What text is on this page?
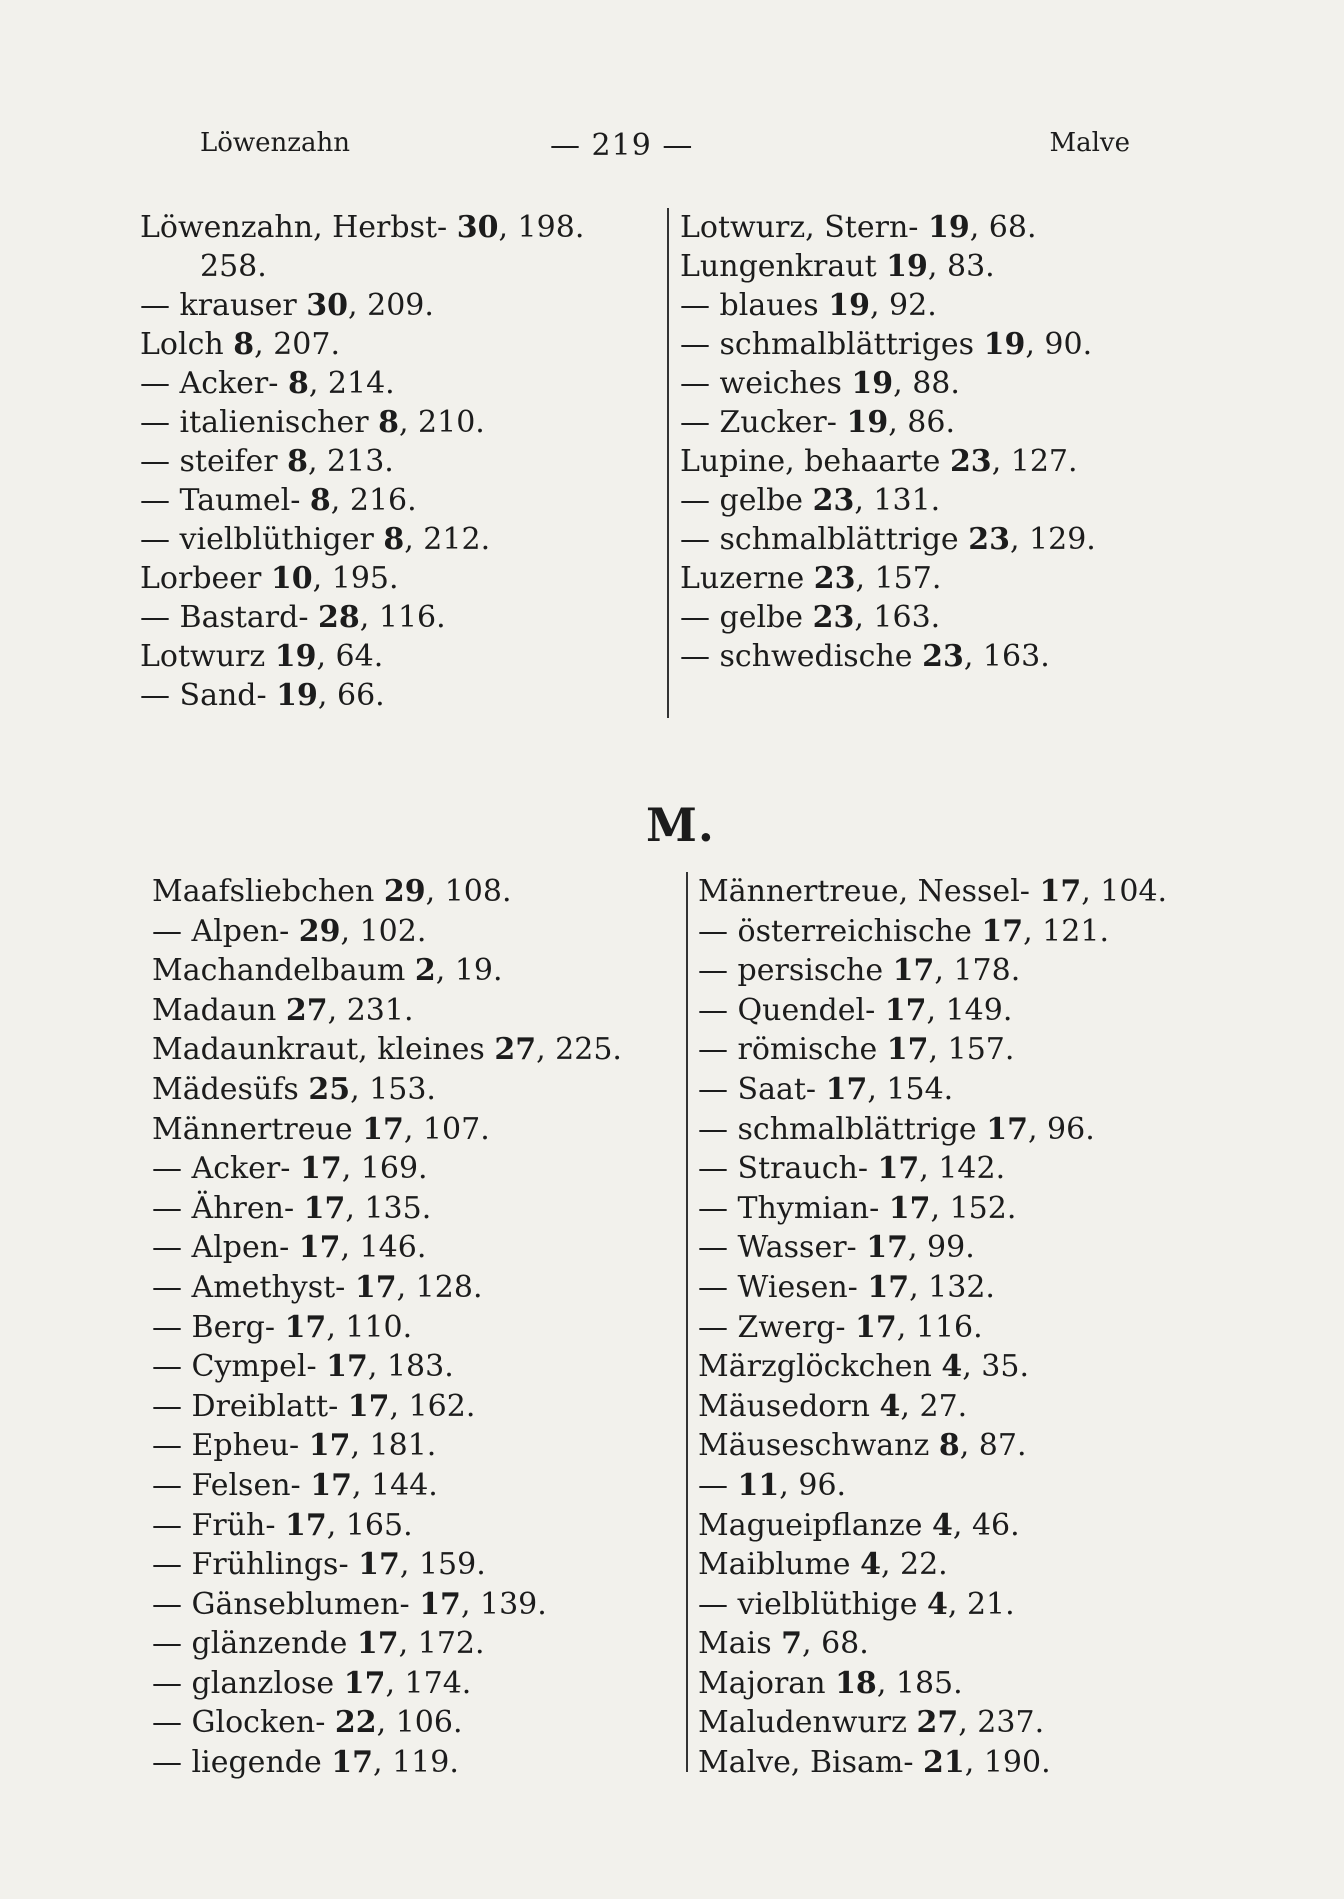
Löwenzahn	— 219 —	Malve
Löwenzahn, Herbst- 30, 198.
258.
— krauser 30, 209.
Lolch 8, 207.
— Acker- 8, 214.
— italienischer 8, 210.
— steifer 8, 213.
— Taumel- 8, 216.
— vielblüthiger 8, 212.
Lorbeer 10, 195.
— Bastard- 28, 116.
Lotwurz 19, 64.
— Sand- 19, 66.
Lotwurz, Stern- 19, 68.
Lungenkraut 19, 83.
— blaues 19, 92.
— schmalblättriges 19, 90.
— weiches 19, 88.
— Zucker- 19, 86.
Lupine, behaarte 23, 127.
— gelbe 23, 131.
— schmalblättrige 23, 129.
Luzerne 23, 157.
— gelbe 23, 163.
— schwedische 23, 163.
M.
Maafsliebchen 29, 108.
— Alpen- 29, 102.
Machandelbaum 2, 19.
Madaun 27, 231.
Madaunkraut, kleines 27, 225.
Mädesüfs 25, 153.
Männertreue 17, 107.
— Acker- 17, 169.
— Ähren- 17, 135.
— Alpen- 17, 146.
— Amethyst- 17, 128.
— Berg- 17, 110.
— Cympel- 17, 183.
— Dreiblatt- 17, 162.
— Epheu- 17, 181.
— Felsen- 17, 144.
— Früh- 17, 165.
— Frühlings- 17, 159.
— Gänseblumen- 17, 139.
— glänzende 17, 172.
— glanzlose 17, 174.
— Glocken- 22, 106.
— liegende 17, 119.
Männertreue, Nessel- 17, 104.
— österreichische 17, 121.
— persische 17, 178.
— Quendel- 17, 149.
— römische 17, 157.
— Saat- 17, 154.
— schmalblättrige 17, 96.
— Strauch- 17, 142.
— Thymian- 17, 152.
— Wasser- 17, 99.
— Wiesen- 17, 132.
— Zwerg- 17, 116.
Märzglöckchen 4, 35.
Mäusedorn 4, 27.
Mäuseschwanz 8, 87.
— 11, 96.
Magueipflanze 4, 46.
Maiblume 4, 22.
— vielblüthige 4, 21.
Mais 7, 68.
Majoran 18, 185.
Maludenwurz 27, 237.
Malve, Bisam- 21, 190.
